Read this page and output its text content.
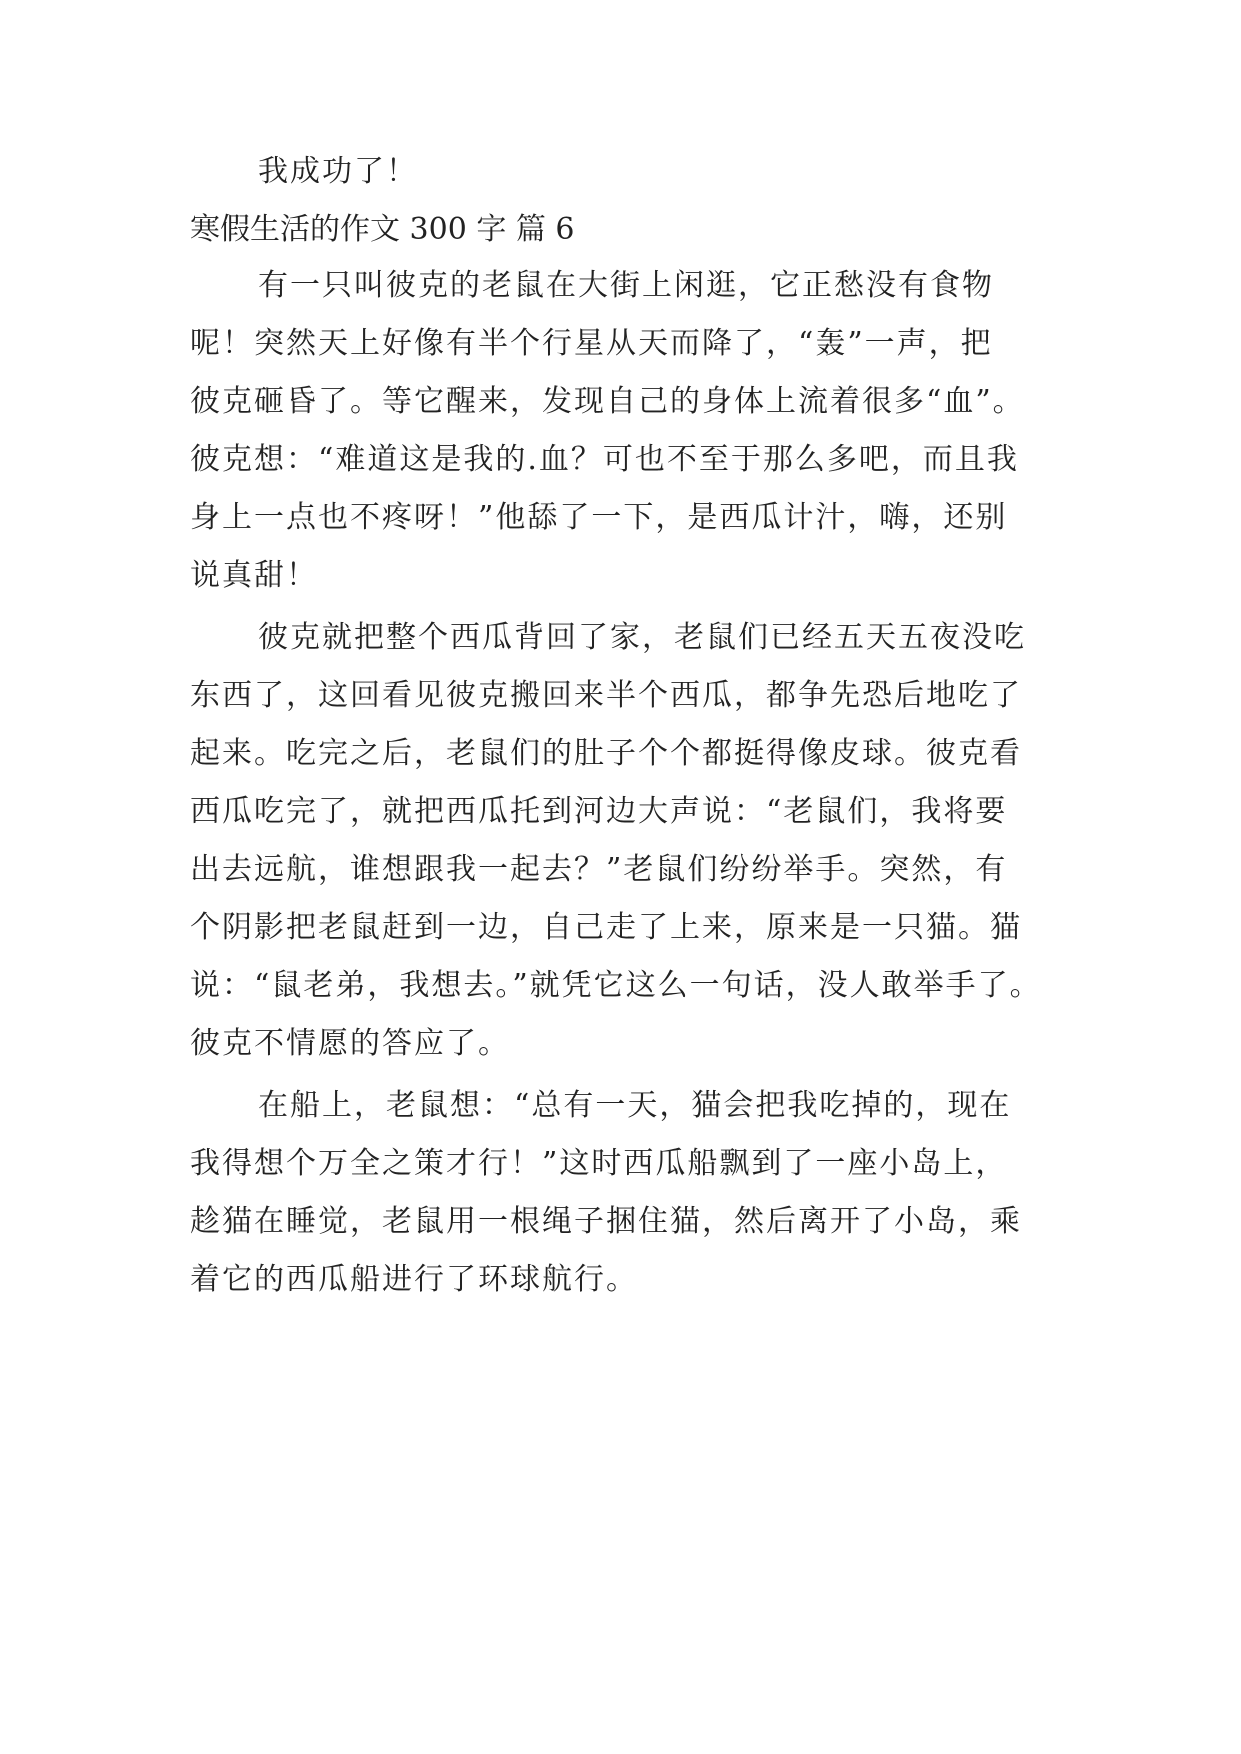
我成功了！
寒假生活的作文 300 字 篇 6
有一只叫彼克的老鼠在大街上闲逛，它正愁没有食物
呢！突然天上好像有半个行星从天而降了，“轰”一声，把
彼克砸昏了。等它醒来，发现自己的身体上流着很多“血”。
彼克想：“难道这是我的.血？可也不至于那么多吧，而且我
身上一点也不疼呀！”他舔了一下，是西瓜计汁，嗨，还别
说真甜！
彼克就把整个西瓜背回了家，老鼠们已经五天五夜没吃
东西了，这回看见彼克搬回来半个西瓜，都争先恐后地吃了
起来。吃完之后，老鼠们的肚子个个都挺得像皮球。彼克看
西瓜吃完了，就把西瓜托到河边大声说：“老鼠们，我将要
出去远航，谁想跟我一起去？”老鼠们纷纷举手。突然，有
个阴影把老鼠赶到一边，自己走了上来，原来是一只猫。猫
说：“鼠老弟，我想去。”就凭它这么一句话，没人敢举手了。
彼克不情愿的答应了。
在船上，老鼠想：“总有一天，猫会把我吃掉的，现在
我得想个万全之策才行！”这时西瓜船飘到了一座小岛上，
趁猫在睡觉，老鼠用一根绳子捆住猫，然后离开了小岛，乘
着它的西瓜船进行了环球航行。
